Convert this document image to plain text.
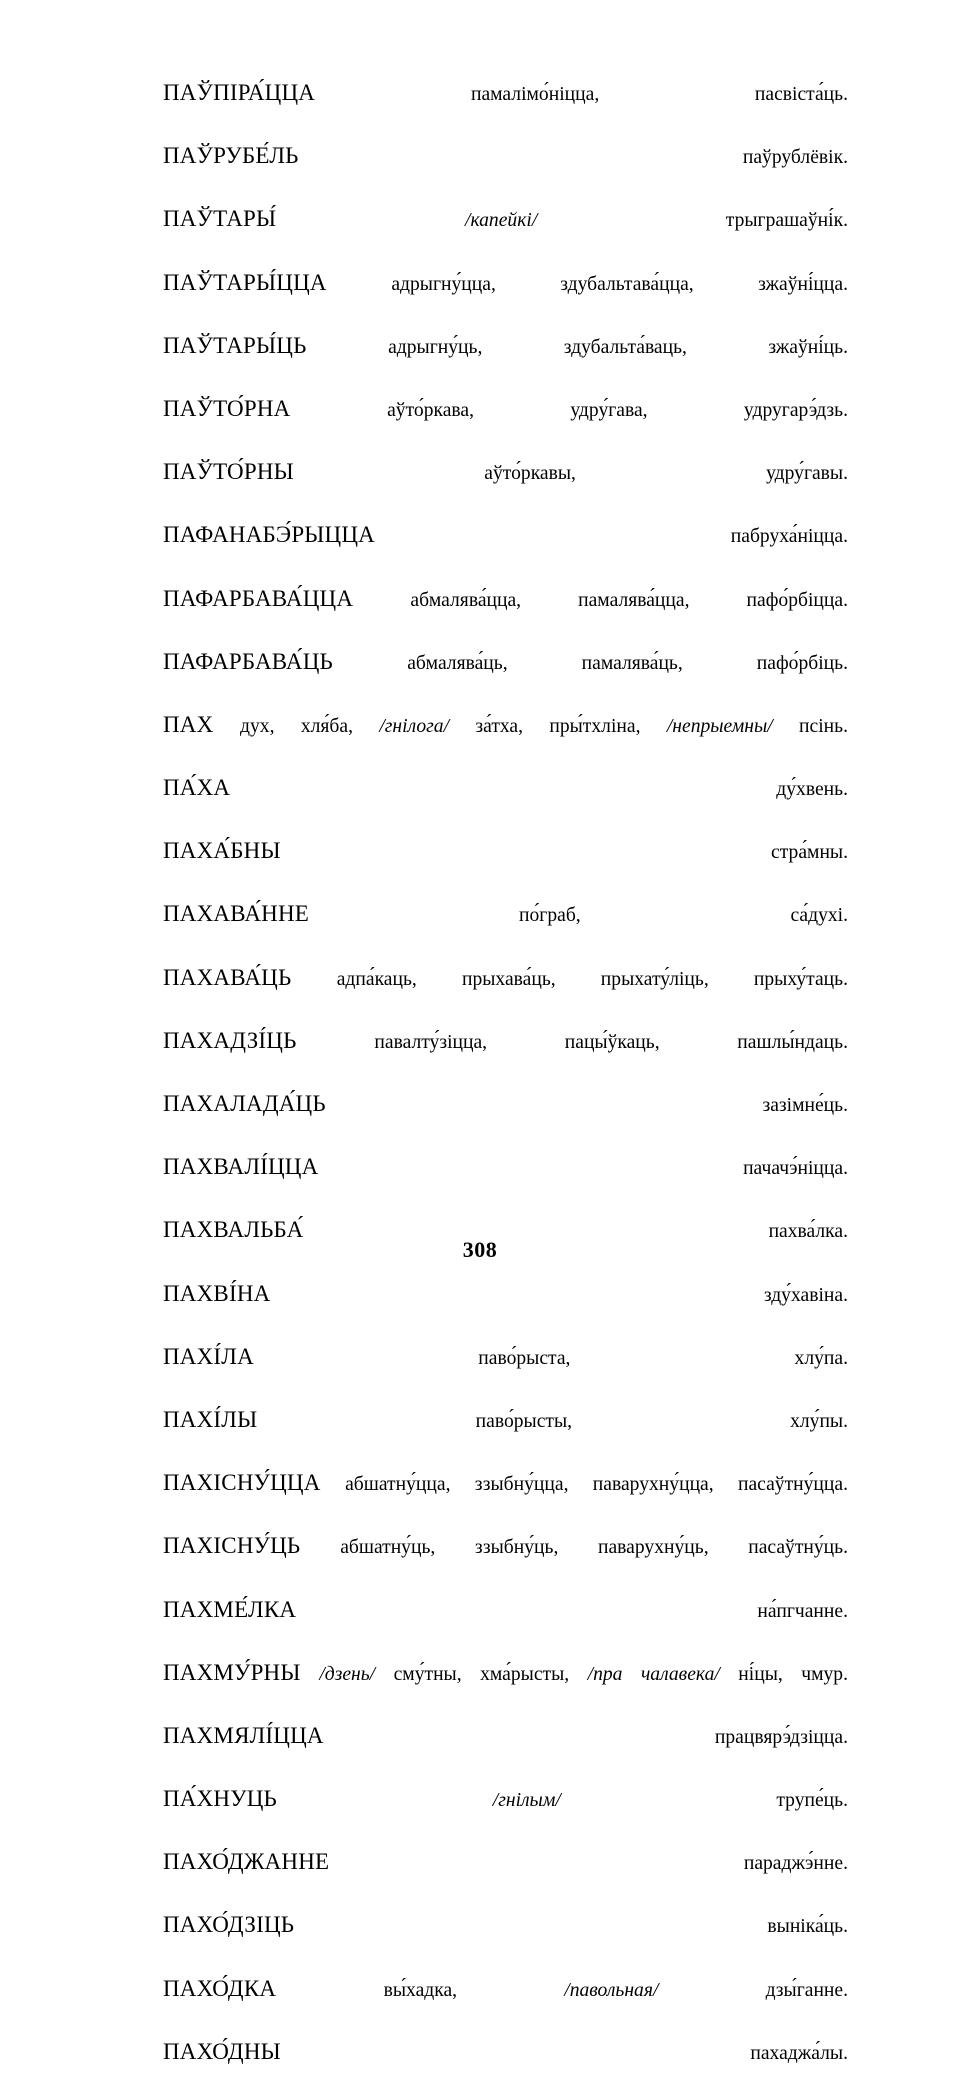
ПАЎПІРА́ЦЦА	памалімо́ніцца, пасвіста́ць.

ПАЎРУБЕ́ЛЬ	паўрублёвік.

ПАЎТАРЫ́	/капейкі/ трыграшаўні́к.

ПАЎТАРЫ́ЦЦА	адрыгну́цца, здубальтава́цца, зжаўні́цца.

ПАЎТАРЫ́ЦЬ	адрыгну́ць, здубальта́ваць, зжаўні́ць.

ПАЎТО́РНА	аўто́ркава, удру́гава, удругарэ́дзь.

ПАЎТО́РНЫ	аўто́ркавы, удру́гавы.

ПАФАНАБЭ́РЫЦЦА	пабруха́ніцца.

ПАФАРБАВА́ЦЦА	абмалява́цца, памалява́цца, пафо́рбіцца.

ПАФАРБАВА́ЦЬ	абмалява́ць, памалява́ць, пафо́рбіць.

ПАХ дух, хля́ба, /гнілога/ за́тха, пры́тхліна, /непрыемны/ псінь.

ПА́ХА	ду́хвень.

ПАХА́БНЫ	стра́мны.

ПАХАВА́ННЕ	по́граб, са́духі.

ПАХАВА́ЦЬ адпа́каць, прыхава́ць, прыхату́ліць, прыху́таць.

ПАХАДЗІ́ЦЬ	павалту́зіцца, пацы́ўкаць, пашлы́ндаць.

ПАХАЛАДА́ЦЬ	зазімне́ць.

ПАХВАЛІ́ЦЦА	пачачэ́ніцца.

ПАХВАЛЬБА́	пахва́лка.

ПАХВІ́НА	зду́хавіна.

ПАХІ́ЛА	паво́рыста, хлу́па.

ПАХІ́ЛЫ	паво́рысты, хлу́пы.

ПАХІСНУ́ЦЦА абшатну́цца, ззыбну́цца, паварухну́цца, пасаўтну́цца.

ПАХІСНУ́ЦЬ абшатну́ць, ззыбну́ць, паварухну́ць, пасаўтну́ць.

ПАХМЕ́ЛКА	на́пгчанне.

ПАХМУ́РНЫ /дзень/ сму́тны, хма́рысты, /пра чалавека/ ні́цы, чмур.

ПАХМЯЛІ́ЦЦА	працвярэ́дзіцца.

ПА́ХНУЦЬ	/гнілым/ трупе́ць.

ПАХО́ДЖАННЕ	параджэ́нне.

ПАХО́ДЗІЦЬ	вынiка́ць.

ПАХО́ДКА	вы́хадка, /павольная/ дзы́ганне.

ПАХО́ДНЫ	пахаджа́лы.

308
